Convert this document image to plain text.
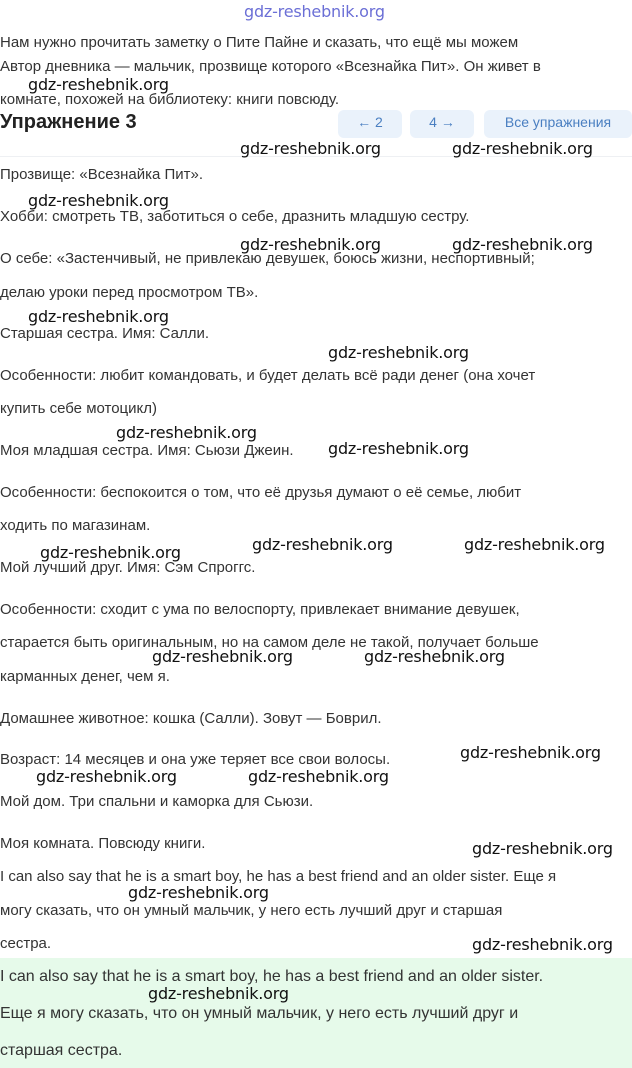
gdz-reshebnik.org
Нам нужно прочитать заметку о Пите Пайне и сказать, что ещё мы можем
Автор дневника — мальчик, прозвище которого «Всезнайка Пит». Он живет в
комнате, похожей на библиотеку: книги повсюду.
Упражнение 3	← 2	4 →	Все упражнения
Прозвище: «Всезнайка Пит».
Хобби: смотреть ТВ, заботиться о себе, дразнить младшую сестру.
О себе: «Застенчивый, не привлекаю девушек, боюсь жизни, неспортивный;
делаю уроки перед просмотром ТВ».
Старшая сестра. Имя: Салли.
Особенности: любит командовать, и будет делать всё ради денег (она хочет
купить себе мотоцикл)
Моя младшая сестра. Имя: Сьюзи Джеин.
Особенности: беспокоится о том, что её друзья думают о её семье, любит
ходить по магазинам.
Мой лучший друг. Имя: Сэм Спроггс.
Особенности: сходит с ума по велоспорту, привлекает внимание девушек,
старается быть оригинальным, но на самом деле не такой, получает больше
карманных денег, чем я.
Домашнее животное: кошка (Салли). Зовут — Боврил.
Возраст: 14 месяцев и она уже теряет все свои волосы.
Мой дом. Три спальни и каморка для Сьюзи.
Моя комната. Повсюду книги.
I can also say that he is a smart boy, he has a best friend and an older sister. Еще я
могу сказать, что он умный мальчик, у него есть лучший друг и старшая
сестра.
I can also say that he is a smart boy, he has a best friend and an older sister.
Еще я могу сказать, что он умный мальчик, у него есть лучший друг и
старшая сестра.
gdz-reshebnik.org
gdz-reshebnik.org	gdz-reshebnik.org
gdz-reshebnik.org
gdz-reshebnik.org	gdz-reshebnik.org
gdz-reshebnik.org
gdz-reshebnik.org
gdz-reshebnik.org
gdz-reshebnik.org
gdz-reshebnik.org	gdz-reshebnik.org	gdz-reshebnik.org
gdz-reshebnik.org	gdz-reshebnik.org
gdz-reshebnik.org
gdz-reshebnik.org	gdz-reshebnik.org
gdz-reshebnik.org
gdz-reshebnik.org
gdz-reshebnik.org
gdz-reshebnik.org
